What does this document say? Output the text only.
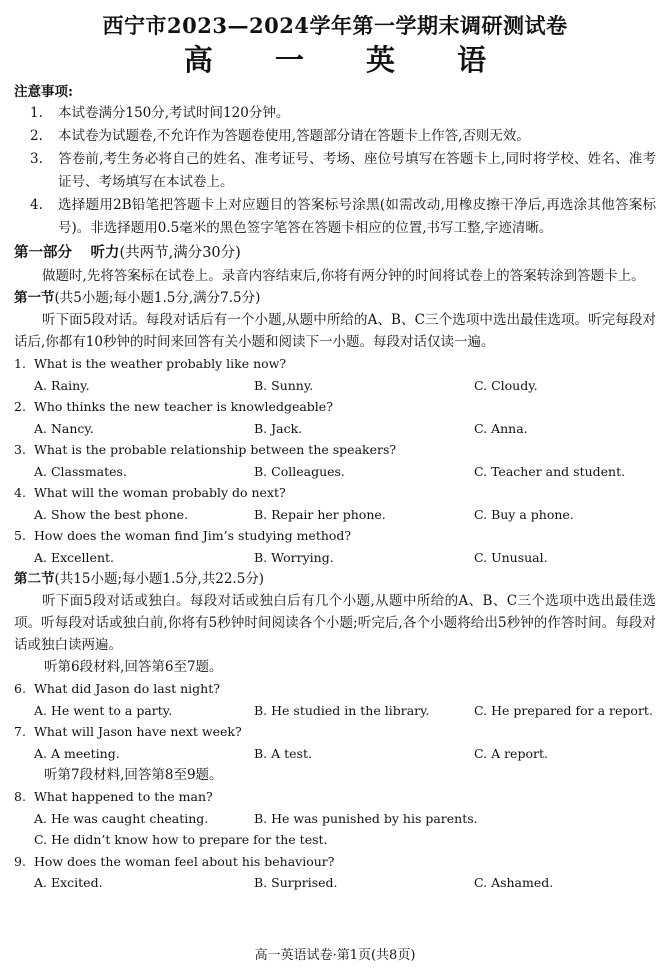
西宁市2023—2024学年第一学期末调研测试卷
高 一 英 语
注意事项:
1.	本试卷满分150分,考试时间120分钟。
2.	本试卷为试题卷,不允许作为答题卷使用,答题部分请在答题卡上作答,否则无效。
3.	答卷前,考生务必将自己的姓名、准考证号、考场、座位号填写在答题卡上,同时将学校、姓名、准考证号、考场填写在本试卷上。
4.	选择题用2B铅笔把答题卡上对应题目的答案标号涂黑(如需改动,用橡皮擦干净后,再选涂其他答案标号)。非选择题用0.5毫米的黑色签字笔答在答题卡相应的位置,书写工整,字迹清晰。
第一部分 听力(共两节,满分30分)
做题时,先将答案标在试卷上。录音内容结束后,你将有两分钟的时间将试卷上的答案转涂到答题卡上。
第一节(共5小题;每小题1.5分,满分7.5分)
听下面5段对话。每段对话后有一个小题,从题中所给的A、B、C三个选项中选出最佳选项。听完每段对话后,你都有10秒钟的时间来回答有关小题和阅读下一小题。每段对话仅读一遍。
1. What is the weather probably like now?
A. Rainy.	B. Sunny.	C. Cloudy.
2. Who thinks the new teacher is knowledgeable?
A. Nancy.	B. Jack.	C. Anna.
3. What is the probable relationship between the speakers?
A. Classmates.	B. Colleagues.	C. Teacher and student.
4. What will the woman probably do next?
A. Show the best phone.	B. Repair her phone.	C. Buy a phone.
5. How does the woman find Jim’s studying method?
A. Excellent.	B. Worrying.	C. Unusual.
第二节(共15小题;每小题1.5分,共22.5分)
听下面5段对话或独白。每段对话或独白后有几个小题,从题中所给的A、B、C三个选项中选出最佳选项。听每段对话或独白前,你将有5秒钟时间阅读各个小题;听完后,各个小题将给出5秒钟的作答时间。每段对话或独白读两遍。
听第6段材料,回答第6至7题。
6. What did Jason do last night?
A. He went to a party.	B. He studied in the library.	C. He prepared for a report.
7. What will Jason have next week?
A. A meeting.	B. A test.	C. A report.
听第7段材料,回答第8至9题。
8. What happened to the man?
A. He was caught cheating.	B. He was punished by his parents.
C. He didn’t know how to prepare for the test.
9. How does the woman feel about his behaviour?
A. Excited.	B. Surprised.	C. Ashamed.
高一英语试卷·第1页(共8页)
